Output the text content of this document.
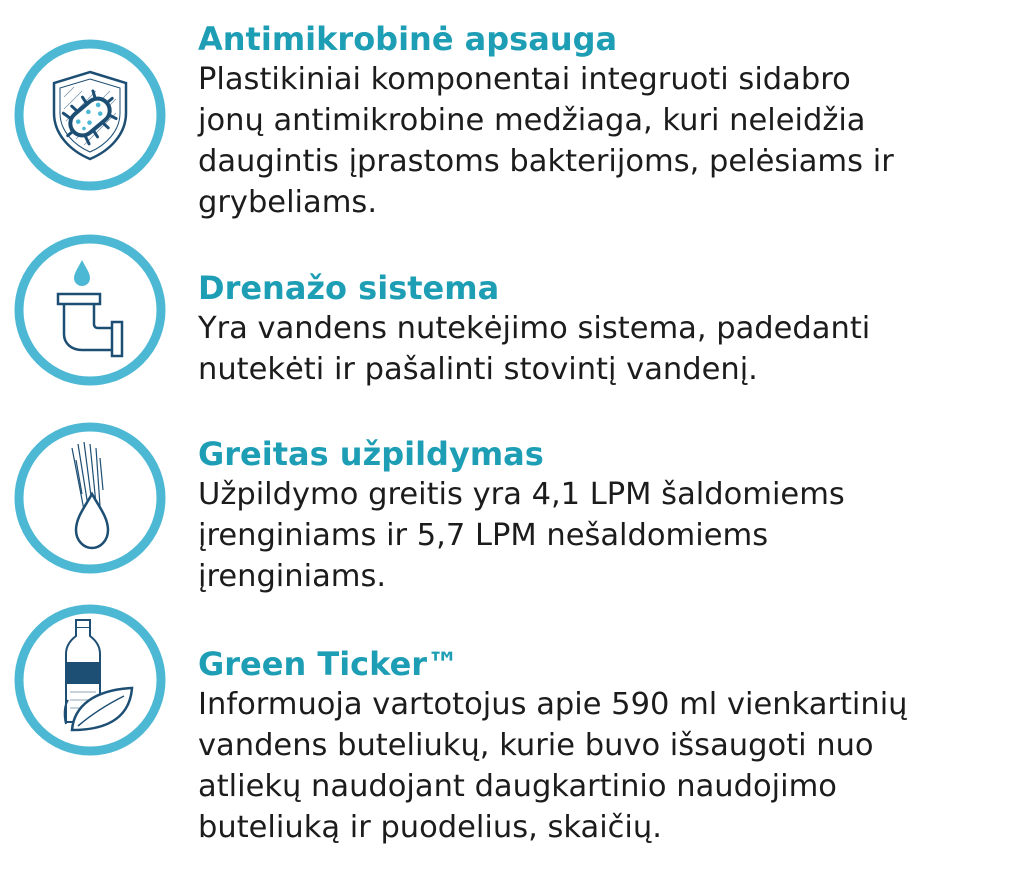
Antimikrobinė apsauga
Plastikiniai komponentai integruoti sidabro
jonų antimikrobine medžiaga, kuri neleidžia
daugintis įprastoms bakterijoms, pelėsiams ir
grybeliams.
Drenažo sistema
Yra vandens nutekėjimo sistema, padedanti
nutekėti ir pašalinti stovintį vandenį.
Greitas užpildymas
Užpildymo greitis yra 4,1 LPM šaldomiems
įrenginiams ir 5,7 LPM nešaldomiems
įrenginiams.
Green Ticker™
Informuoja vartotojus apie 590 ml vienkartinių
vandens buteliukų, kurie buvo išsaugoti nuo
atliekų naudojant daugkartinio naudojimo
buteliuką ir puodelius, skaičių.
